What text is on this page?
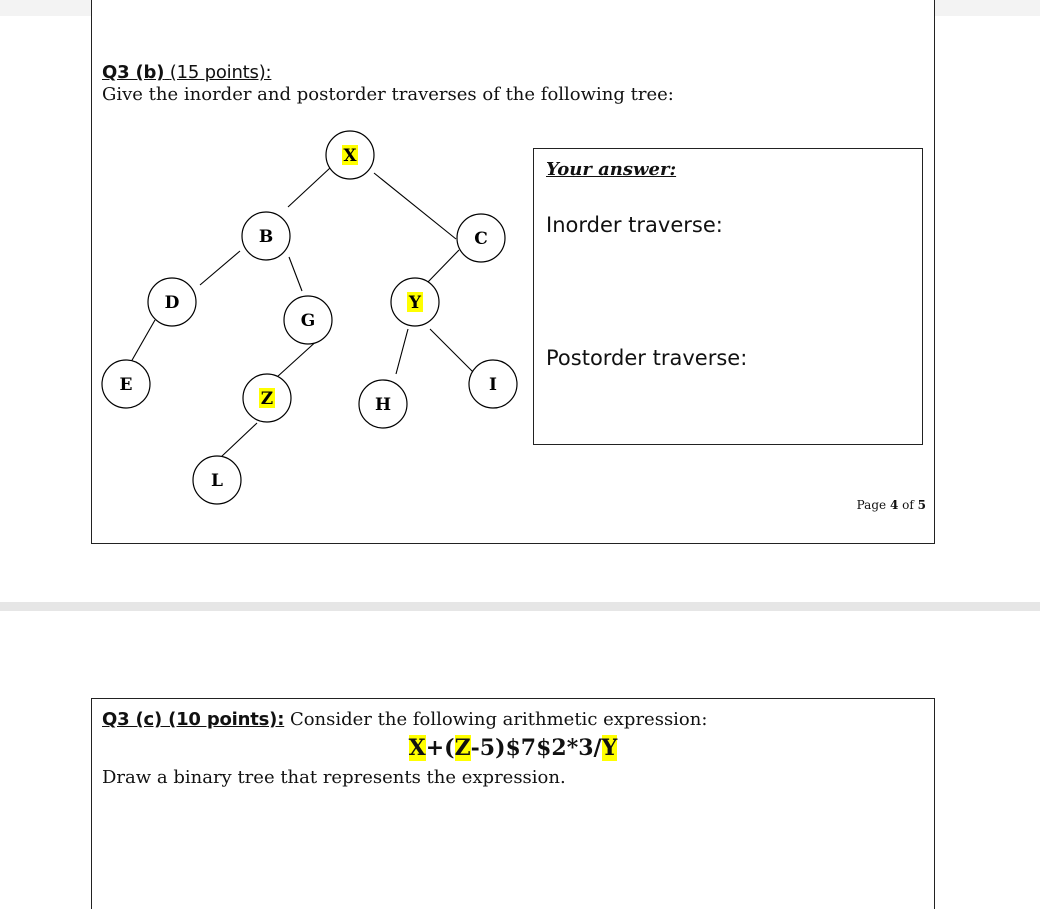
Q3 (b) (15 points):
Give the inorder and postorder traverses of the following tree:
X
B	C
D
G
Y
E
Z	H
I
L
Your answer:
Inorder traverse:
Postorder traverse:
Page 4 of 5
Q3 (c) (10 points): Consider the following arithmetic expression:
X+(Z-5)$7$2*3/Y
Draw a binary tree that represents the expression.
